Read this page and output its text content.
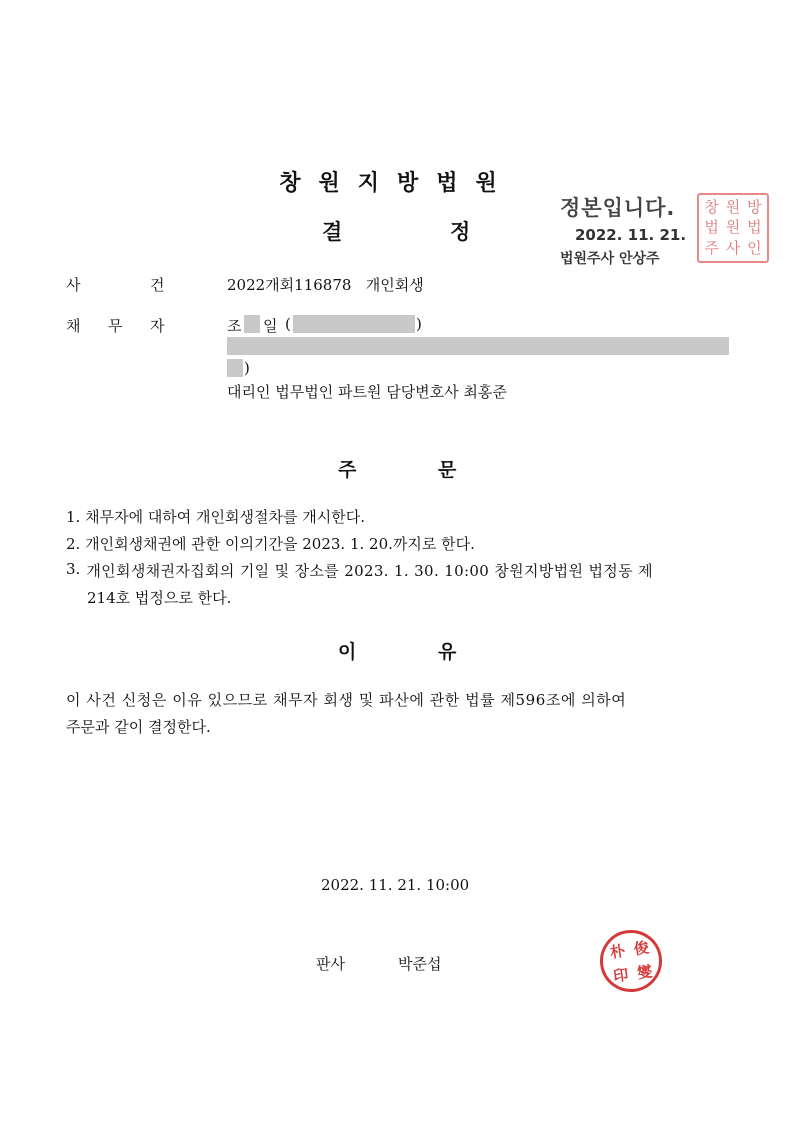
창원지방법원
결	정
정본입니다.
2022. 11. 21.
법원주사 안상주
창 원 방
법 원 법
주 사 인
사	건	2022개회116878 개인회생
채 무 자	조 일 (	)
)
대리인 법무법인 파트원 담당변호사 최홍준
주	문
1. 채무자에 대하여 개인회생절차를 개시한다.
2. 개인회생채권에 관한 이의기간을 2023. 1. 20.까지로 한다.
3. 개인회생채권자집회의 기일 및 장소를 2023. 1. 30. 10:00 창원지방법원 법정동 제
214호 법정으로 한다.
이	유
이 사건 신청은 이유 있으므로 채무자 회생 및 파산에 관한 법률 제596조에 의하여
주문과 같이 결정한다.
2022. 11. 21. 10:00
판사	박준섭
朴 俊
印 燮
